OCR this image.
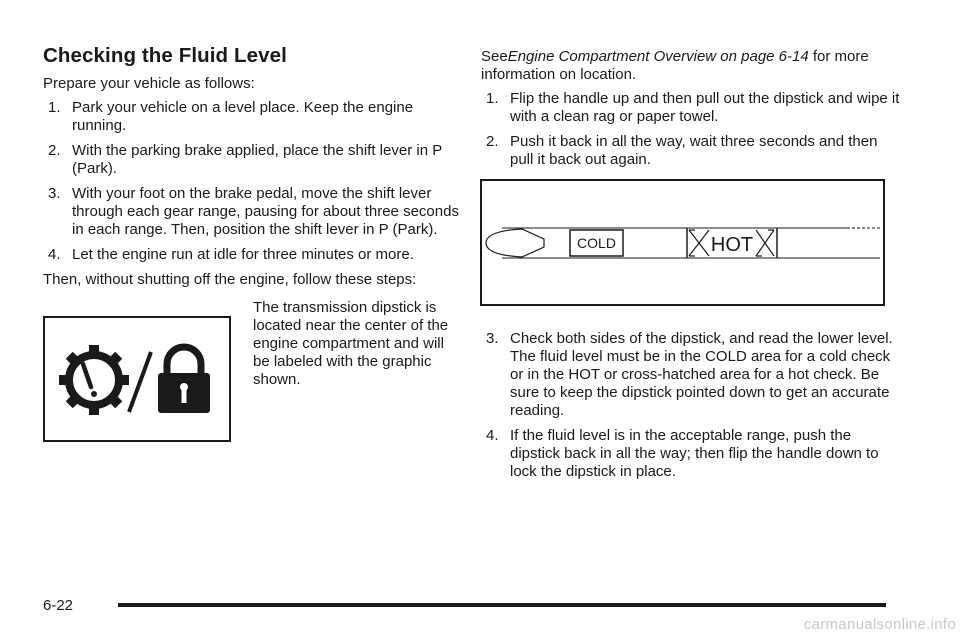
Checking the Fluid Level

Prepare your vehicle as follows:

1. Park your vehicle on a level place. Keep the engine running.
2. With the parking brake applied, place the shift lever in P (Park).
3. With your foot on the brake pedal, move the shift lever through each gear range, pausing for about three seconds in each range. Then, position the shift lever in P (Park).
4. Let the engine run at idle for three minutes or more.

Then, without shutting off the engine, follow these steps:

The transmission dipstick is located near the center of the engine compartment and will be labeled with the graphic shown.

SeeEngine Compartment Overview on page 6-14 for more information on location.

1. Flip the handle up and then pull out the dipstick and wipe it with a clean rag or paper towel.
2. Push it back in all the way, wait three seconds and then pull it back out again.
COLD	HOT
3. Check both sides of the dipstick, and read the lower level. The fluid level must be in the COLD area for a cold check or in the HOT or cross-hatched area for a hot check. Be sure to keep the dipstick pointed down to get an accurate reading.
4. If the fluid level is in the acceptable range, push the dipstick back in all the way; then flip the handle down to lock the dipstick in place.
6-22
carmanualsonline.info
